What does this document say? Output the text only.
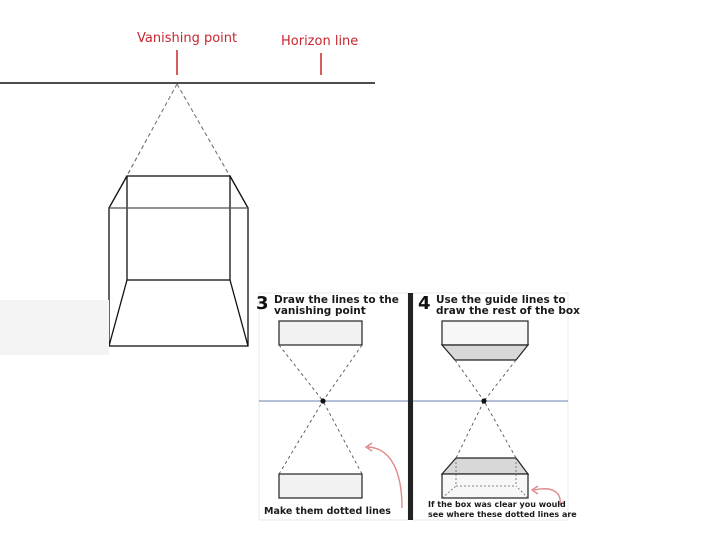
Vanishing point	Horizon line
3 Draw the lines to the
vanishing point
Make them dotted lines
4 Use the guide lines to
draw the rest of the box
If the box was clear you would
see where these dotted lines are
